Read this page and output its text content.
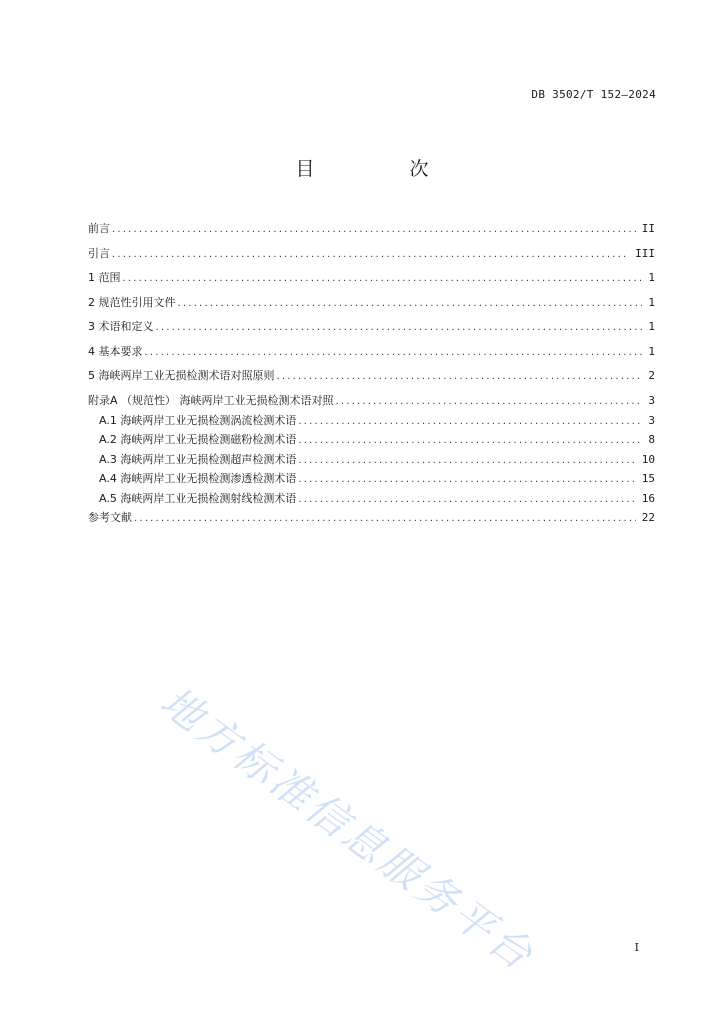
DB 3502/T 152—2024
目　次
前言 .....	II
引言 .....	III
1 范围 .....	1
2 规范性引用文件 .....	1
3 术语和定义 .....	1
4 基本要求 .....	1
5 海峡两岸工业无损检测术语对照原则 .....	2
附录A （规范性） 海峡两岸工业无损检测术语对照 .....	3
A.1 海峡两岸工业无损检测涡流检测术语 .....	3
A.2 海峡两岸工业无损检测磁粉检测术语 .....	8
A.3 海峡两岸工业无损检测超声检测术语 .....	10
A.4 海峡两岸工业无损检测渗透检测术语 .....	15
A.5 海峡两岸工业无损检测射线检测术语 .....	16
参考文献 .....	22
地方标准信息服务平台	I
